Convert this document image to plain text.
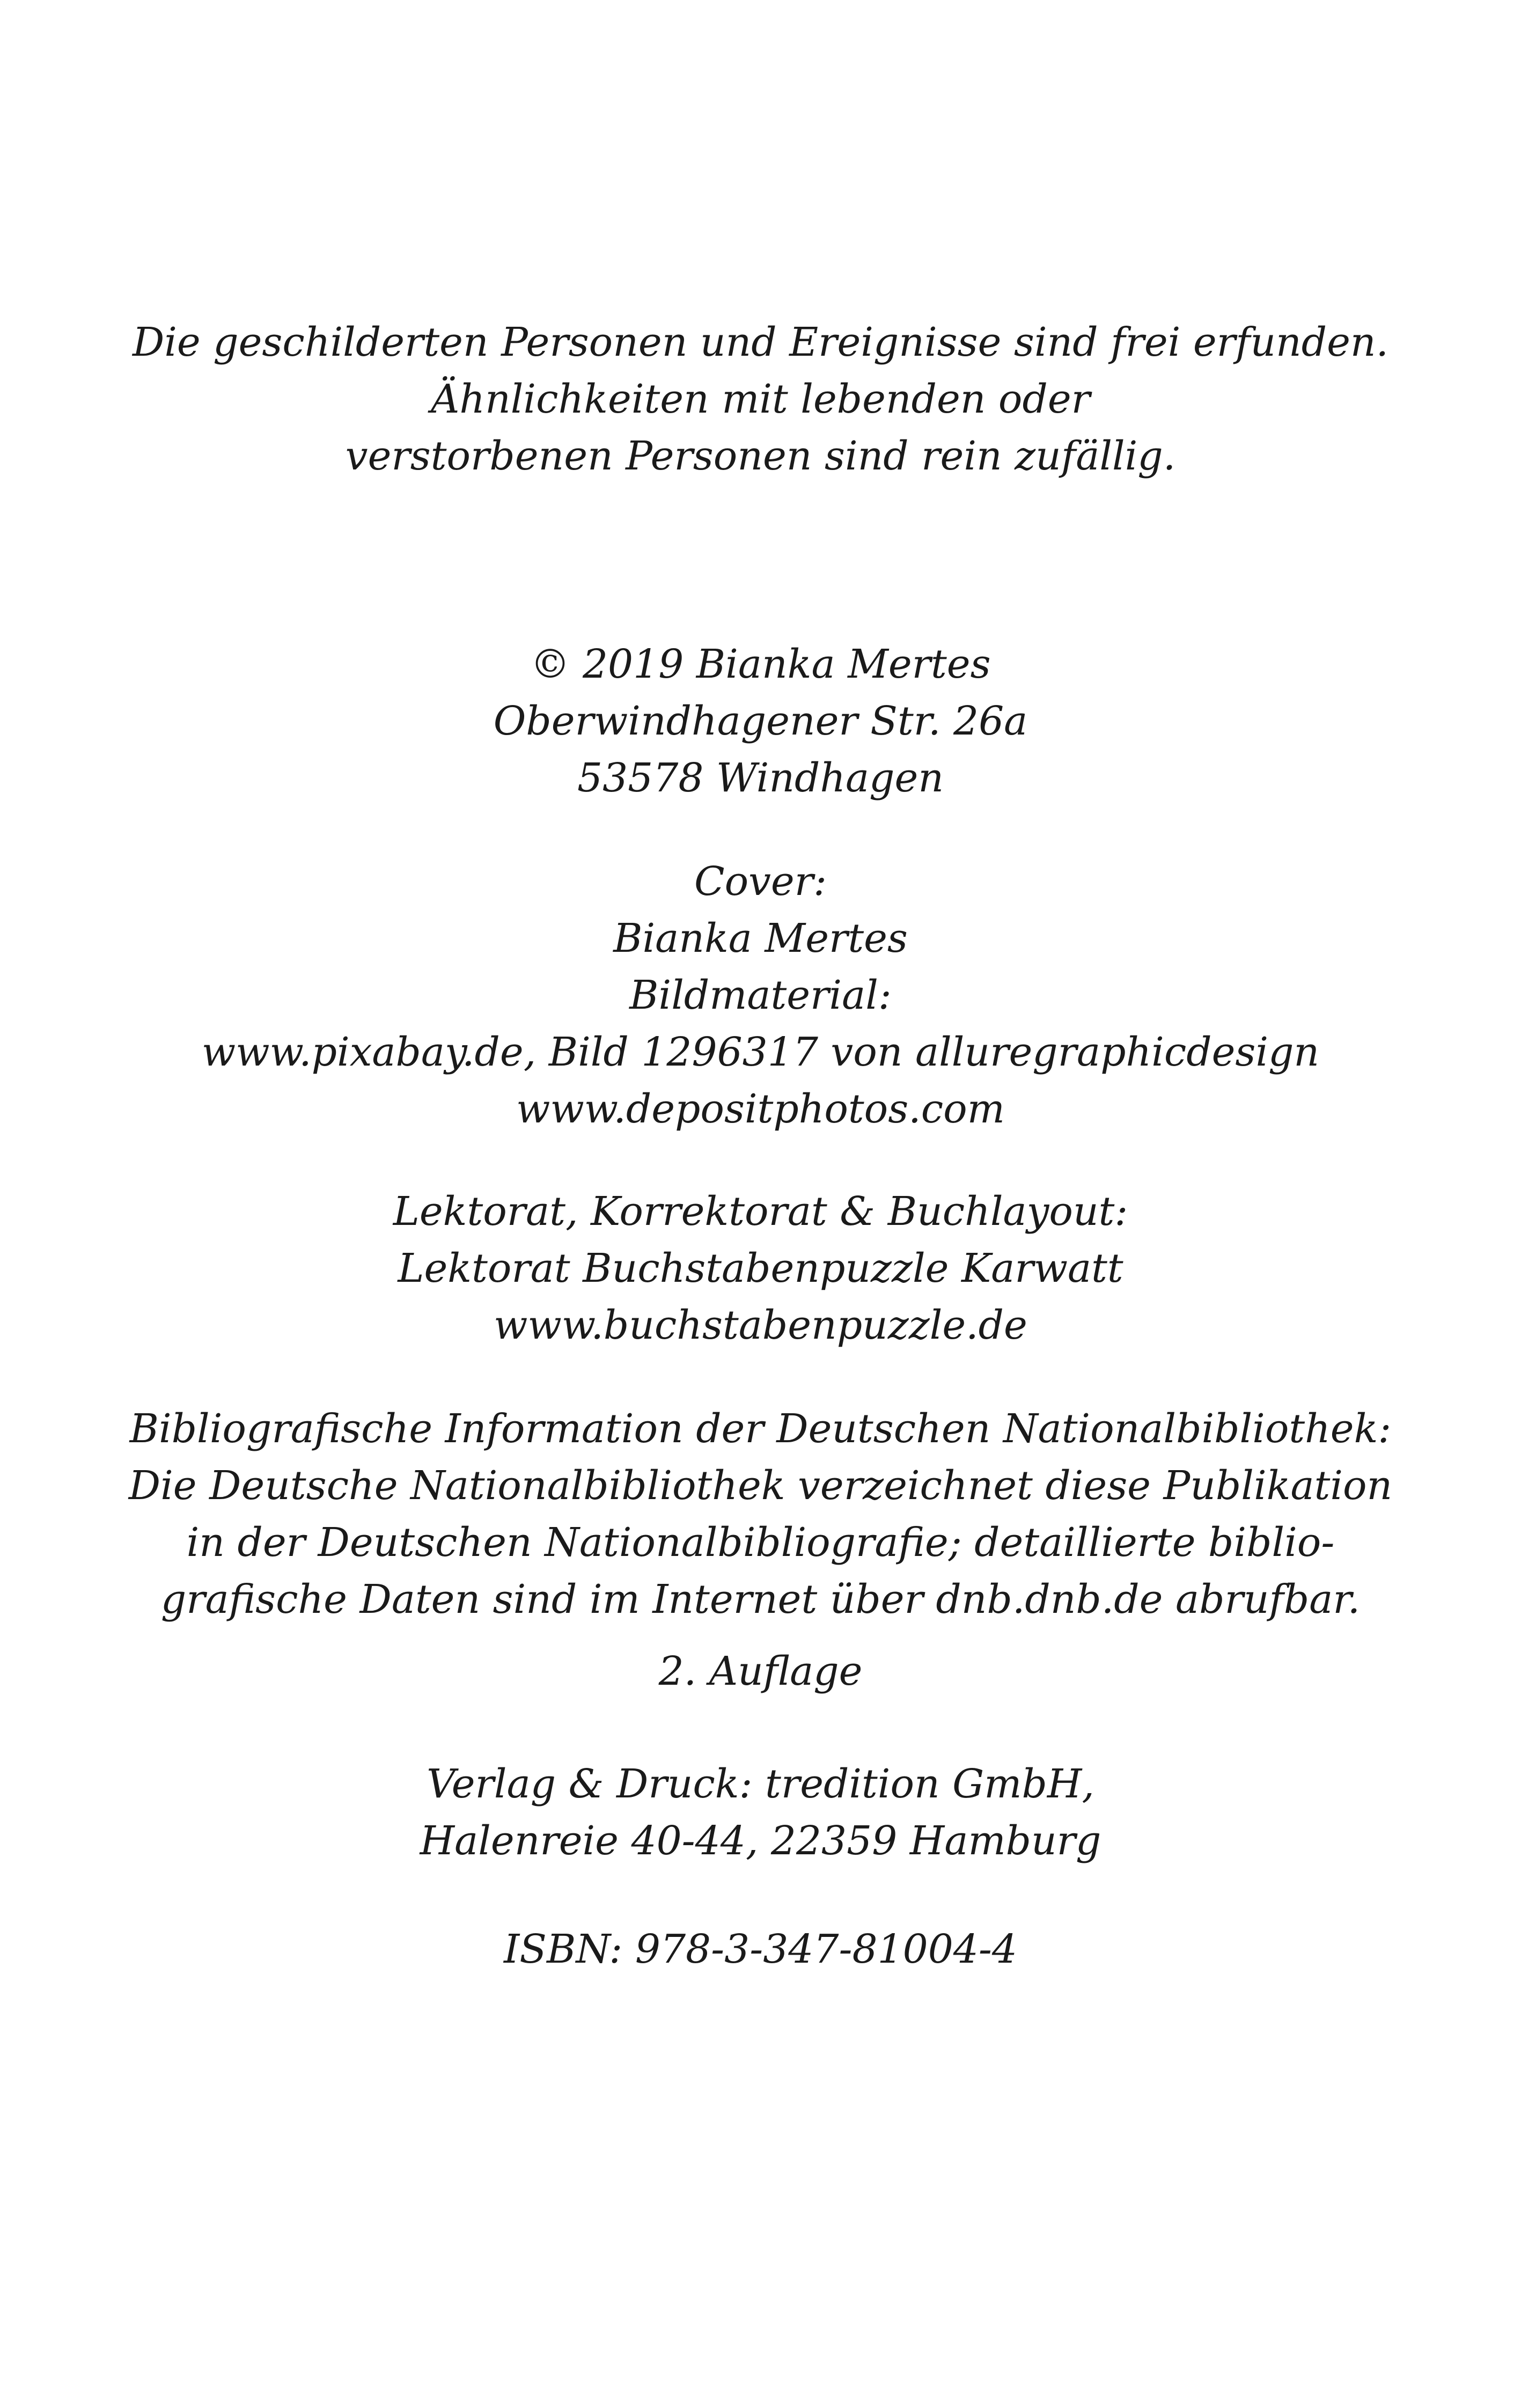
Die geschilderten Personen und Ereignisse sind frei erfunden.
Ähnlichkeiten mit lebenden oder
verstorbenen Personen sind rein zufällig.
© 2019 Bianka Mertes
Oberwindhagener Str. 26a
53578 Windhagen
Cover:
Bianka Mertes
Bildmaterial:
www.pixabay.de, Bild 1296317 von alluregraphicdesign
www.depositphotos.com
Lektorat, Korrektorat & Buchlayout:
Lektorat Buchstabenpuzzle Karwatt
www.buchstabenpuzzle.de
Bibliografische Information der Deutschen Nationalbibliothek:
Die Deutsche Nationalbibliothek verzeichnet diese Publikation
in der Deutschen Nationalbibliografie; detaillierte biblio-
grafische Daten sind im Internet über dnb.dnb.de abrufbar.
2. Auflage
Verlag & Druck: tredition GmbH,
Halenreie 40-44, 22359 Hamburg
ISBN: 978-3-347-81004-4
